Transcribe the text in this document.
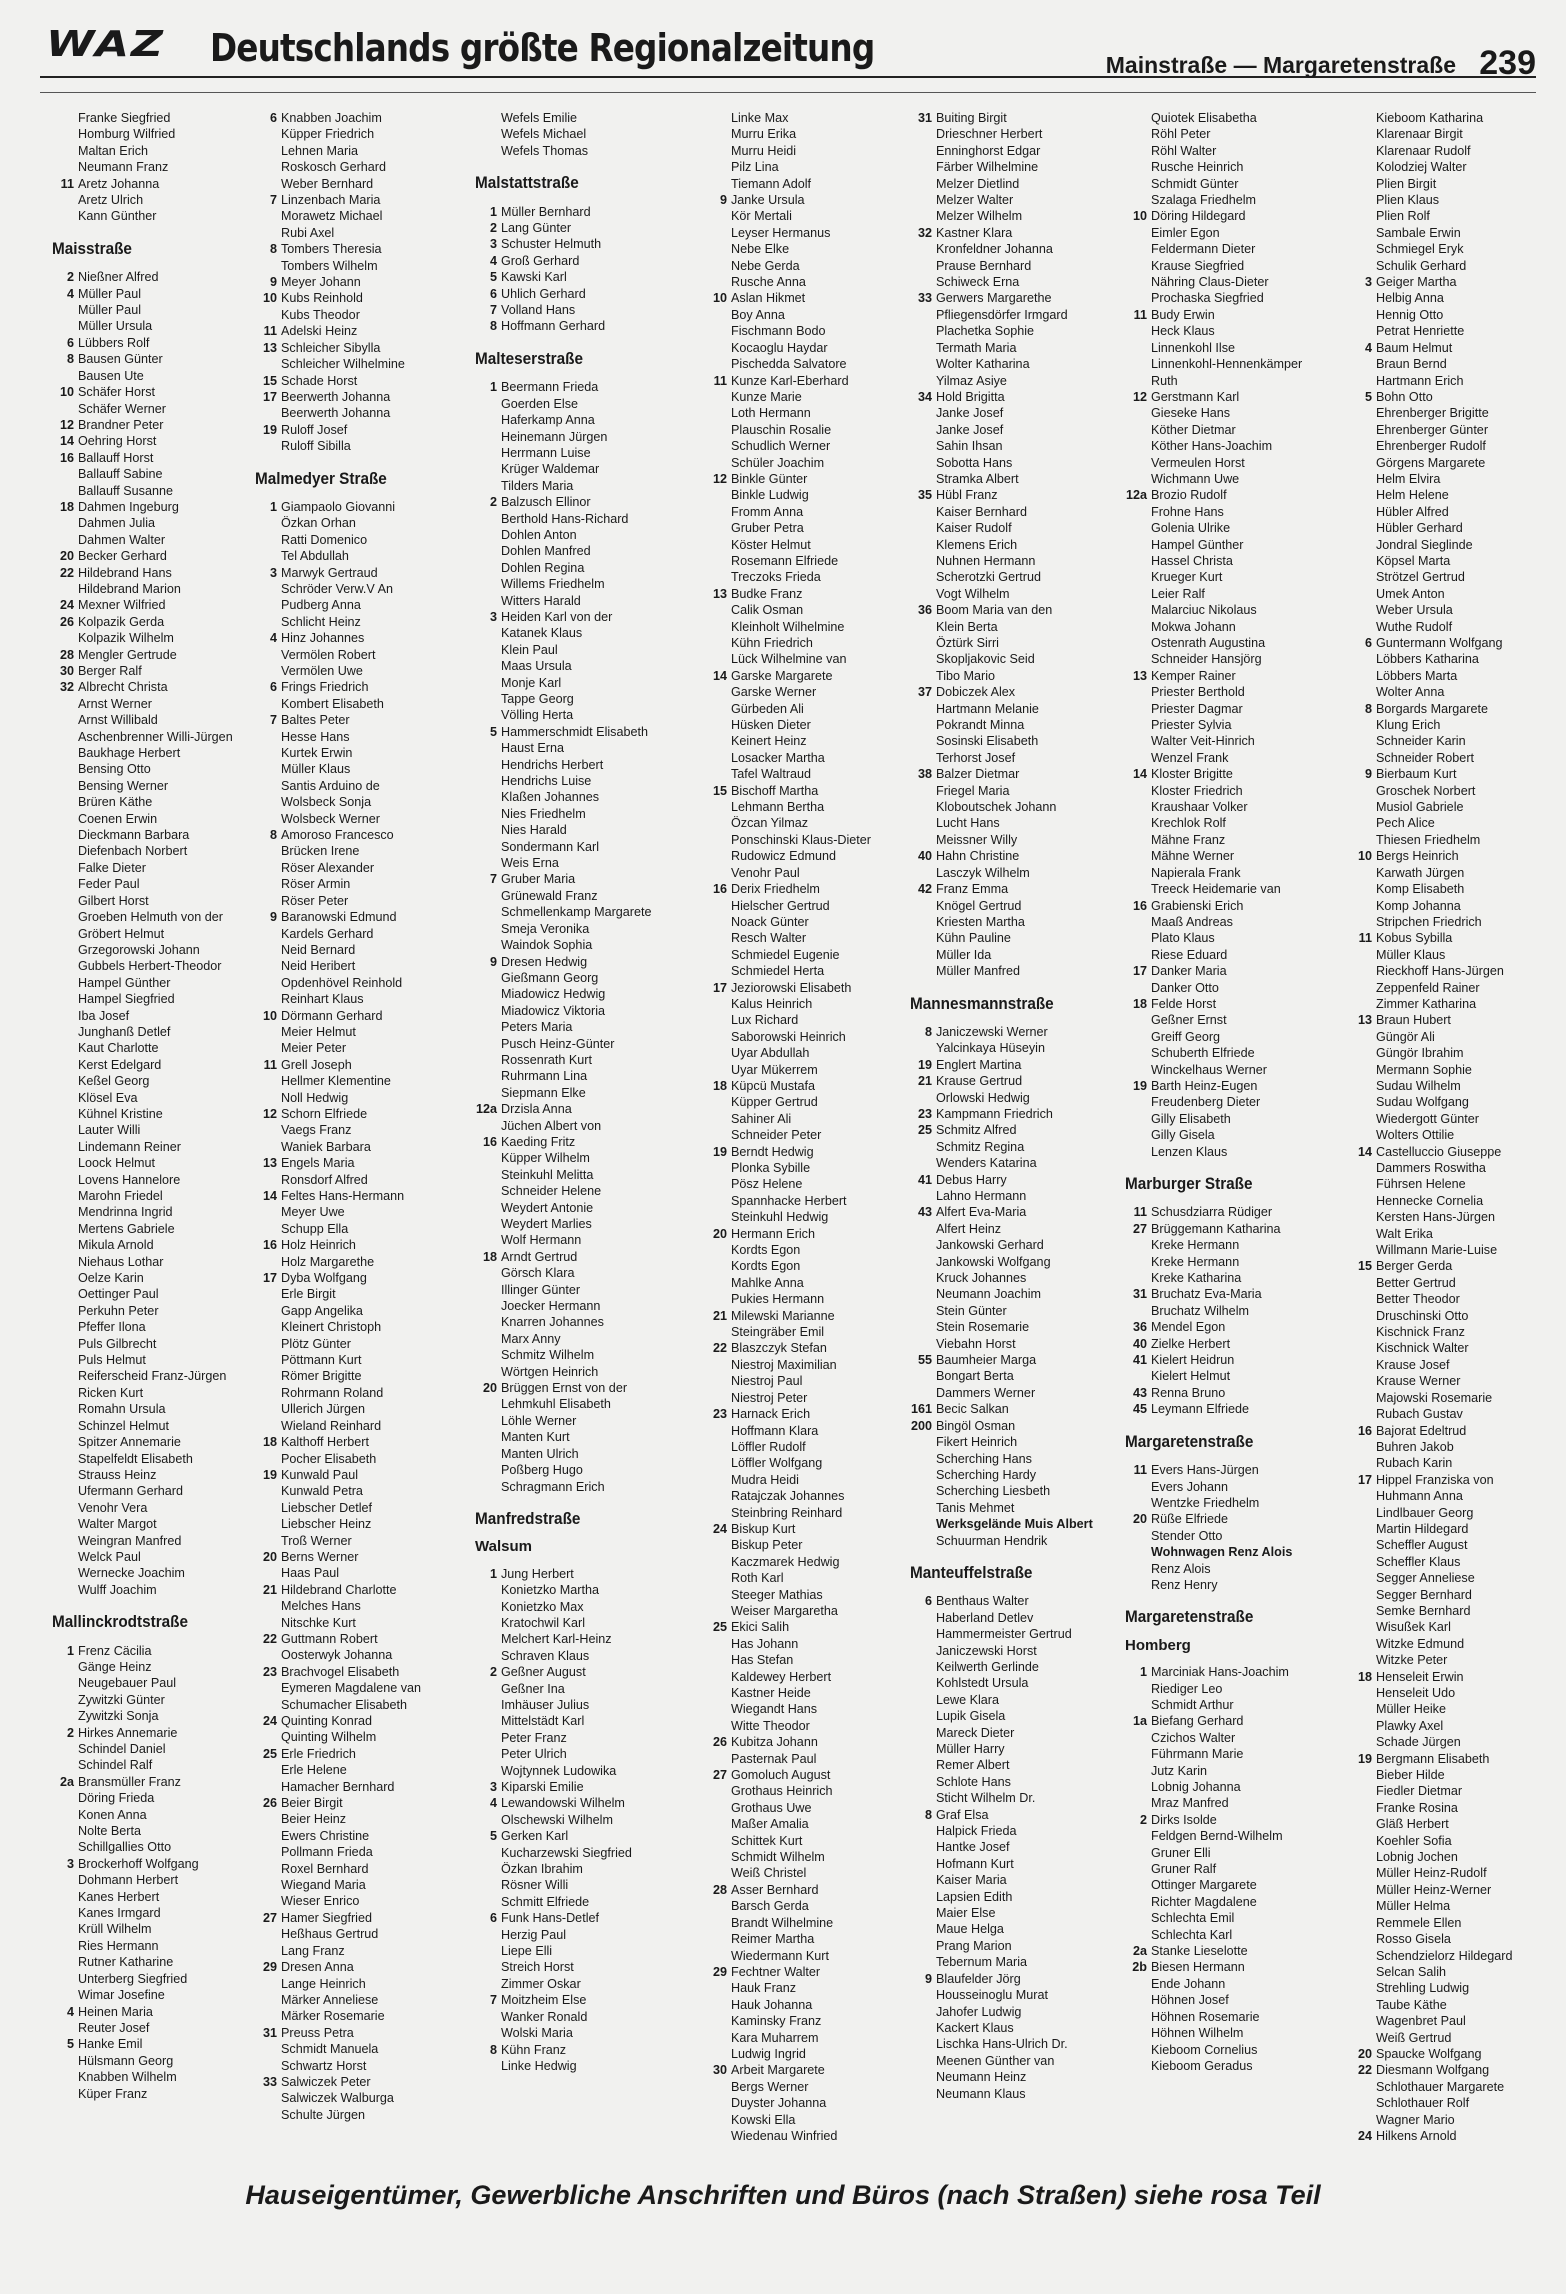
WAZ Deutschlands größte Regionalzeitung	Mainstraße — Margaretenstraße 239
Franke Siegfried
Homburg Wilfried
Maltan Erich
Neumann Franz
11 Aretz Johanna
Aretz Ulrich
Kann Günther
Maisstraße
2 Nießner Alfred
4 Müller Paul
Müller Paul
Müller Ursula
6 Lübbers Rolf
8 Bausen Günter
Bausen Ute
10 Schäfer Horst
Schäfer Werner
12 Brandner Peter
14 Oehring Horst
16 Ballauff Horst
Ballauff Sabine
Ballauff Susanne
18 Dahmen Ingeburg
Dahmen Julia
Dahmen Walter
20 Becker Gerhard
22 Hildebrand Hans
Hildebrand Marion
24 Mexner Wilfried
26 Kolpazik Gerda
Kolpazik Wilhelm
28 Mengler Gertrude
30 Berger Ralf
32 Albrecht Christa
Arnst Werner
Arnst Willibald
Aschenbrenner Willi-Jürgen
Baukhage Herbert
Bensing Otto
Bensing Werner
Brüren Käthe
Coenen Erwin
Dieckmann Barbara
Diefenbach Norbert
Falke Dieter
Feder Paul
Gilbert Horst
Groeben Helmuth von der
Gröbert Helmut
Grzegorowski Johann
Gubbels Herbert-Theodor
Hampel Günther
Hampel Siegfried
Iba Josef
Junghanß Detlef
Kaut Charlotte
Kerst Edelgard
Keßel Georg
Klösel Eva
Kühnel Kristine
Lauter Willi
Lindemann Reiner
Loock Helmut
Lovens Hannelore
Marohn Friedel
Mendrinna Ingrid
Mertens Gabriele
Mikula Arnold
Niehaus Lothar
Oelze Karin
Oettinger Paul
Perkuhn Peter
Pfeffer Ilona
Puls Gilbrecht
Puls Helmut
Reiferscheid Franz-Jürgen
Ricken Kurt
Romahn Ursula
Schinzel Helmut
Spitzer Annemarie
Stapelfeldt Elisabeth
Strauss Heinz
Ufermann Gerhard
Venohr Vera
Walter Margot
Weingran Manfred
Welck Paul
Wernecke Joachim
Wulff Joachim
Mallinckrodtstraße
1 Frenz Cäcilia
Gänge Heinz
Neugebauer Paul
Zywitzki Günter
Zywitzki Sonja
2 Hirkes Annemarie
Schindel Daniel
Schindel Ralf
2a Bransmüller Franz
Döring Frieda
Konen Anna
Nolte Berta
Schillgallies Otto
3 Brockerhoff Wolfgang
Dohmann Herbert
Kanes Herbert
Kanes Irmgard
Krüll Wilhelm
Ries Hermann
Rutner Katharine
Unterberg Siegfried
Wimar Josefine
4 Heinen Maria
Reuter Josef
5 Hanke Emil
Hülsmann Georg
Knabben Wilhelm
Küper Franz
6 Knabben Joachim
Küpper Friedrich
Lehnen Maria
Roskosch Gerhard
Weber Bernhard
7 Linzenbach Maria
Morawetz Michael
Rubi Axel
8 Tombers Theresia
Tombers Wilhelm
9 Meyer Johann
10 Kubs Reinhold
Kubs Theodor
11 Adelski Heinz
13 Schleicher Sibylla
Schleicher Wilhelmine
15 Schade Horst
17 Beerwerth Johanna
Beerwerth Johanna
19 Ruloff Josef
Ruloff Sibilla
Malmedyer Straße
1 Giampaolo Giovanni
Özkan Orhan
Ratti Domenico
Tel Abdullah
3 Marwyk Gertraud
Schröder Verw.V An
Pudberg Anna
Schlicht Heinz
4 Hinz Johannes
Vermölen Robert
Vermölen Uwe
6 Frings Friedrich
Kombert Elisabeth
7 Baltes Peter
Hesse Hans
Kurtek Erwin
Müller Klaus
Santis Arduino de
Wolsbeck Sonja
Wolsbeck Werner
8 Amoroso Francesco
Brücken Irene
Röser Alexander
Röser Armin
Röser Peter
9 Baranowski Edmund
Kardels Gerhard
Neid Bernard
Neid Heribert
Opdenhövel Reinhold
Reinhart Klaus
10 Dörmann Gerhard
Meier Helmut
Meier Peter
11 Grell Joseph
Hellmer Klementine
Noll Hedwig
12 Schorn Elfriede
Vaegs Franz
Waniek Barbara
13 Engels Maria
Ronsdorf Alfred
14 Feltes Hans-Hermann
Meyer Uwe
Schupp Ella
16 Holz Heinrich
Holz Margarethe
17 Dyba Wolfgang
Erle Birgit
Gapp Angelika
Kleinert Christoph
Plötz Günter
Pöttmann Kurt
Römer Brigitte
Rohrmann Roland
Ullerich Jürgen
Wieland Reinhard
18 Kalthoff Herbert
Pocher Elisabeth
19 Kunwald Paul
Kunwald Petra
Liebscher Detlef
Liebscher Heinz
Troß Werner
20 Berns Werner
Haas Paul
21 Hildebrand Charlotte
Melches Hans
Nitschke Kurt
22 Guttmann Robert
Oosterwyk Johanna
23 Brachvogel Elisabeth
Eymeren Magdalene van
Schumacher Elisabeth
24 Quinting Konrad
Quinting Wilhelm
25 Erle Friedrich
Erle Helene
Hamacher Bernhard
26 Beier Birgit
Beier Heinz
Ewers Christine
Pollmann Frieda
Roxel Bernhard
Wiegand Maria
Wieser Enrico
27 Hamer Siegfried
Heßhaus Gertrud
Lang Franz
29 Dresen Anna
Lange Heinrich
Märker Anneliese
Märker Rosemarie
31 Preuss Petra
Schmidt Manuela
Schwartz Horst
33 Salwiczek Peter
Salwiczek Walburga
Schulte Jürgen
Wefels Emilie
Wefels Michael
Wefels Thomas
Malstattstraße
1 Müller Bernhard
2 Lang Günter
3 Schuster Helmuth
4 Groß Gerhard
5 Kawski Karl
6 Uhlich Gerhard
7 Volland Hans
8 Hoffmann Gerhard
Malteserstraße
1 Beermann Frieda
Goerden Else
Haferkamp Anna
Heinemann Jürgen
Herrmann Luise
Krüger Waldemar
Tilders Maria
2 Balzusch Ellinor
Berthold Hans-Richard
Dohlen Anton
Dohlen Manfred
Dohlen Regina
Willems Friedhelm
Witters Harald
3 Heiden Karl von der
Katanek Klaus
Klein Paul
Maas Ursula
Monje Karl
Tappe Georg
Völling Herta
5 Hammerschmidt Elisabeth
Haust Erna
Hendrichs Herbert
Hendrichs Luise
Klaßen Johannes
Nies Friedhelm
Nies Harald
Sondermann Karl
Weis Erna
7 Gruber Maria
Grünewald Franz
Schmellenkamp Margarete
Smeja Veronika
Waindok Sophia
9 Dresen Hedwig
Gießmann Georg
Miadowicz Hedwig
Miadowicz Viktoria
Peters Maria
Pusch Heinz-Günter
Rossenrath Kurt
Ruhrmann Lina
Siepmann Elke
12a Drzisla Anna
Jüchen Albert von
16 Kaeding Fritz
Küpper Wilhelm
Steinkuhl Melitta
Schneider Helene
Weydert Antonie
Weydert Marlies
Wolf Hermann
18 Arndt Gertrud
Görsch Klara
Illinger Günter
Joecker Hermann
Knarren Johannes
Marx Anny
Schmitz Wilhelm
Wörtgen Heinrich
20 Brüggen Ernst von der
Lehmkuhl Elisabeth
Löhle Werner
Manten Kurt
Manten Ulrich
Poßberg Hugo
Schragmann Erich
Manfredstraße
Walsum
1 Jung Herbert
Konietzko Martha
Konietzko Max
Kratochwil Karl
Melchert Karl-Heinz
Schraven Klaus
2 Geßner August
Geßner Ina
Imhäuser Julius
Mittelstädt Karl
Peter Franz
Peter Ulrich
Wojtynnek Ludowika
3 Kiparski Emilie
4 Lewandowski Wilhelm
Olschewski Wilhelm
5 Gerken Karl
Kucharzewski Siegfried
Özkan Ibrahim
Rösner Willi
Schmitt Elfriede
6 Funk Hans-Detlef
Herzig Paul
Liepe Elli
Streich Horst
Zimmer Oskar
7 Moitzheim Else
Wanker Ronald
Wolski Maria
8 Kühn Franz
Linke Hedwig
Linke Max
Murru Erika
Murru Heidi
Pilz Lina
Tiemann Adolf
9 Janke Ursula
Kör Mertali
Leyser Hermanus
Nebe Elke
Nebe Gerda
Rusche Anna
10 Aslan Hikmet
Boy Anna
Fischmann Bodo
Kocaoglu Haydar
Pischedda Salvatore
11 Kunze Karl-Eberhard
Kunze Marie
Loth Hermann
Plauschin Rosalie
Schudlich Werner
Schüler Joachim
12 Binkle Günter
Binkle Ludwig
Fromm Anna
Gruber Petra
Köster Helmut
Rosemann Elfriede
Treczoks Frieda
13 Budke Franz
Calik Osman
Kleinholt Wilhelmine
Kühn Friedrich
Lück Wilhelmine van
14 Garske Margarete
Garske Werner
Gürbeden Ali
Hüsken Dieter
Keinert Heinz
Losacker Martha
Tafel Waltraud
15 Bischoff Martha
Lehmann Bertha
Özcan Yilmaz
Ponschinski Klaus-Dieter
Rudowicz Edmund
Venohr Paul
16 Derix Friedhelm
Hielscher Gertrud
Noack Günter
Resch Walter
Schmiedel Eugenie
Schmiedel Herta
17 Jeziorowski Elisabeth
Kalus Heinrich
Lux Richard
Saborowski Heinrich
Uyar Abdullah
Uyar Mükerrem
18 Küpcü Mustafa
Küpper Gertrud
Sahiner Ali
Schneider Peter
19 Berndt Hedwig
Plonka Sybille
Pösz Helene
Spannhacke Herbert
Steinkuhl Hedwig
20 Hermann Erich
Kordts Egon
Kordts Egon
Mahlke Anna
Pukies Hermann
21 Milewski Marianne
Steingräber Emil
22 Blaszczyk Stefan
Niestroj Maximilian
Niestroj Paul
Niestroj Peter
23 Harnack Erich
Hoffmann Klara
Löffler Rudolf
Löffler Wolfgang
Mudra Heidi
Ratajczak Johannes
Steinbring Reinhard
24 Biskup Kurt
Biskup Peter
Kaczmarek Hedwig
Roth Karl
Steeger Mathias
Weiser Margaretha
25 Ekici Salih
Has Johann
Has Stefan
Kaldewey Herbert
Kastner Heide
Wiegandt Hans
Witte Theodor
26 Kubitza Johann
Pasternak Paul
27 Gomoluch August
Grothaus Heinrich
Grothaus Uwe
Maßer Amalia
Schittek Kurt
Schmidt Wilhelm
Weiß Christel
28 Asser Bernhard
Barsch Gerda
Brandt Wilhelmine
Reimer Martha
Wiedermann Kurt
29 Fechtner Walter
Hauk Franz
Hauk Johanna
Kaminsky Franz
Kara Muharrem
Ludwig Ingrid
30 Arbeit Margarete
Bergs Werner
Duyster Johanna
Kowski Ella
Wiedenau Winfried
31 Buiting Birgit
Drieschner Herbert
Enninghorst Edgar
Färber Wilhelmine
Melzer Dietlind
Melzer Walter
Melzer Wilhelm
32 Kastner Klara
Kronfeldner Johanna
Prause Bernhard
Schiweck Erna
33 Gerwers Margarethe
Pfliegensdörfer Irmgard
Plachetka Sophie
Termath Maria
Wolter Katharina
Yilmaz Asiye
34 Hold Brigitta
Janke Josef
Janke Josef
Sahin Ihsan
Sobotta Hans
Stramka Albert
35 Hübl Franz
Kaiser Bernhard
Kaiser Rudolf
Klemens Erich
Nuhnen Hermann
Scherotzki Gertrud
Vogt Wilhelm
36 Boom Maria van den
Klein Berta
Öztürk Sirri
Skopljakovic Seid
Tibo Mario
37 Dobiczek Alex
Hartmann Melanie
Pokrandt Minna
Sosinski Elisabeth
Terhorst Josef
38 Balzer Dietmar
Friegel Maria
Kloboutschek Johann
Lucht Hans
Meissner Willy
40 Hahn Christine
Lasczyk Wilhelm
42 Franz Emma
Knögel Gertrud
Kriesten Martha
Kühn Pauline
Müller Ida
Müller Manfred
Mannesmannstraße
8 Janiczewski Werner
Yalcinkaya Hüseyin
19 Englert Martina
21 Krause Gertrud
Orlowski Hedwig
23 Kampmann Friedrich
25 Schmitz Alfred
Schmitz Regina
Wenders Katarina
41 Debus Harry
Lahno Hermann
43 Alfert Eva-Maria
Alfert Heinz
Jankowski Gerhard
Jankowski Wolfgang
Kruck Johannes
Neumann Joachim
Stein Günter
Stein Rosemarie
Viebahn Horst
55 Baumheier Marga
Bongart Berta
Dammers Werner
161 Becic Salkan
200 Bingöl Osman
Fikert Heinrich
Scherching Hans
Scherching Hardy
Scherching Liesbeth
Tanis Mehmet
Werksgelände Muis Albert
Schuurman Hendrik
Manteuffelstraße
6 Benthaus Walter
Haberland Detlev
Hammermeister Gertrud
Janiczewski Horst
Keilwerth Gerlinde
Kohlstedt Ursula
Lewe Klara
Lupik Gisela
Mareck Dieter
Müller Harry
Remer Albert
Schlote Hans
Sticht Wilhelm Dr.
8 Graf Elsa
Halpick Frieda
Hantke Josef
Hofmann Kurt
Kaiser Maria
Lapsien Edith
Maier Else
Maue Helga
Prang Marion
Tebernum Maria
9 Blaufelder Jörg
Housseinoglu Murat
Jahofer Ludwig
Kackert Klaus
Lischka Hans-Ulrich Dr.
Meenen Günther van
Neumann Heinz
Neumann Klaus
Quiotek Elisabetha
Röhl Peter
Röhl Walter
Rusche Heinrich
Schmidt Günter
Szalaga Friedhelm
10 Döring Hildegard
Eimler Egon
Feldermann Dieter
Krause Siegfried
Nähring Claus-Dieter
Prochaska Siegfried
11 Budy Erwin
Heck Klaus
Linnenkohl Ilse
Linnenkohl-Hennenkämper
Ruth
12 Gerstmann Karl
Gieseke Hans
Köther Dietmar
Köther Hans-Joachim
Vermeulen Horst
Wichmann Uwe
12a Brozio Rudolf
Frohne Hans
Golenia Ulrike
Hampel Günther
Hassel Christa
Krueger Kurt
Leier Ralf
Malarciuc Nikolaus
Mokwa Johann
Ostenrath Augustina
Schneider Hansjörg
13 Kemper Rainer
Priester Berthold
Priester Dagmar
Priester Sylvia
Walter Veit-Hinrich
Wenzel Frank
14 Kloster Brigitte
Kloster Friedrich
Kraushaar Volker
Krechlok Rolf
Mähne Franz
Mähne Werner
Napierala Frank
Treeck Heidemarie van
16 Grabienski Erich
Maaß Andreas
Plato Klaus
Riese Eduard
17 Danker Maria
Danker Otto
18 Felde Horst
Geßner Ernst
Greiff Georg
Schuberth Elfriede
Winckelhaus Werner
19 Barth Heinz-Eugen
Freudenberg Dieter
Gilly Elisabeth
Gilly Gisela
Lenzen Klaus
Marburger Straße
11 Schusdziarra Rüdiger
27 Brüggemann Katharina
Kreke Hermann
Kreke Hermann
Kreke Katharina
31 Bruchatz Eva-Maria
Bruchatz Wilhelm
36 Mendel Egon
40 Zielke Herbert
41 Kielert Heidrun
Kielert Helmut
43 Renna Bruno
45 Leymann Elfriede
Margaretenstraße
11 Evers Hans-Jürgen
Evers Johann
Wentzke Friedhelm
20 Rüße Elfriede
Stender Otto
Wohnwagen Renz Alois
Renz Alois
Renz Henry
Margaretenstraße
Homberg
1 Marciniak Hans-Joachim
Riediger Leo
Schmidt Arthur
1a Biefang Gerhard
Czichos Walter
Führmann Marie
Jutz Karin
Lobnig Johanna
Mraz Manfred
2 Dirks Isolde
Feldgen Bernd-Wilhelm
Gruner Elli
Gruner Ralf
Ottinger Margarete
Richter Magdalene
Schlechta Emil
Schlechta Karl
2a Stanke Lieselotte
2b Biesen Hermann
Ende Johann
Höhnen Josef
Höhnen Rosemarie
Höhnen Wilhelm
Kieboom Cornelius
Kieboom Geradus
Kieboom Katharina
Klarenaar Birgit
Klarenaar Rudolf
Kolodziej Walter
Plien Birgit
Plien Klaus
Plien Rolf
Sambale Erwin
Schmiegel Eryk
Schulik Gerhard
3 Geiger Martha
Helbig Anna
Hennig Otto
Petrat Henriette
4 Baum Helmut
Braun Bernd
Hartmann Erich
5 Bohn Otto
Ehrenberger Brigitte
Ehrenberger Günter
Ehrenberger Rudolf
Görgens Margarete
Helm Elvira
Helm Helene
Hübler Alfred
Hübler Gerhard
Jondral Sieglinde
Köpsel Marta
Strötzel Gertrud
Umek Anton
Weber Ursula
Wuthe Rudolf
6 Guntermann Wolfgang
Löbbers Katharina
Löbbers Marta
Wolter Anna
8 Borgards Margarete
Klung Erich
Schneider Karin
Schneider Robert
9 Bierbaum Kurt
Groschek Norbert
Musiol Gabriele
Pech Alice
Thiesen Friedhelm
10 Bergs Heinrich
Karwath Jürgen
Komp Elisabeth
Komp Johanna
Stripchen Friedrich
11 Kobus Sybilla
Müller Klaus
Rieckhoff Hans-Jürgen
Zeppenfeld Rainer
Zimmer Katharina
13 Braun Hubert
Güngör Ali
Güngör Ibrahim
Mermann Sophie
Sudau Wilhelm
Sudau Wolfgang
Wiedergott Günter
Wolters Ottilie
14 Castelluccio Giuseppe
Dammers Roswitha
Führsen Helene
Hennecke Cornelia
Kersten Hans-Jürgen
Walt Erika
Willmann Marie-Luise
15 Berger Gerda
Better Gertrud
Better Theodor
Druschinski Otto
Kischnick Franz
Kischnick Walter
Krause Josef
Krause Werner
Majowski Rosemarie
Rubach Gustav
16 Bajorat Edeltrud
Buhren Jakob
Rubach Karin
17 Hippel Franziska von
Huhmann Anna
Lindlbauer Georg
Martin Hildegard
Scheffler August
Scheffler Klaus
Segger Anneliese
Segger Bernhard
Semke Bernhard
Wisußek Karl
Witzke Edmund
Witzke Peter
18 Henseleit Erwin
Henseleit Udo
Müller Heike
Plawky Axel
Schade Jürgen
19 Bergmann Elisabeth
Bieber Hilde
Fiedler Dietmar
Franke Rosina
Gläß Herbert
Koehler Sofia
Lobnig Jochen
Müller Heinz-Rudolf
Müller Heinz-Werner
Müller Helma
Remmele Ellen
Rosso Gisela
Schendzielorz Hildegard
Selcan Salih
Strehling Ludwig
Taube Käthe
Wagenbret Paul
Weiß Gertrud
20 Spaucke Wolfgang
22 Diesmann Wolfgang
Schlothauer Margarete
Schlothauer Rolf
Wagner Mario
24 Hilkens Arnold
Hauseigentümer, Gewerbliche Anschriften und Büros (nach Straßen) siehe rosa Teil
